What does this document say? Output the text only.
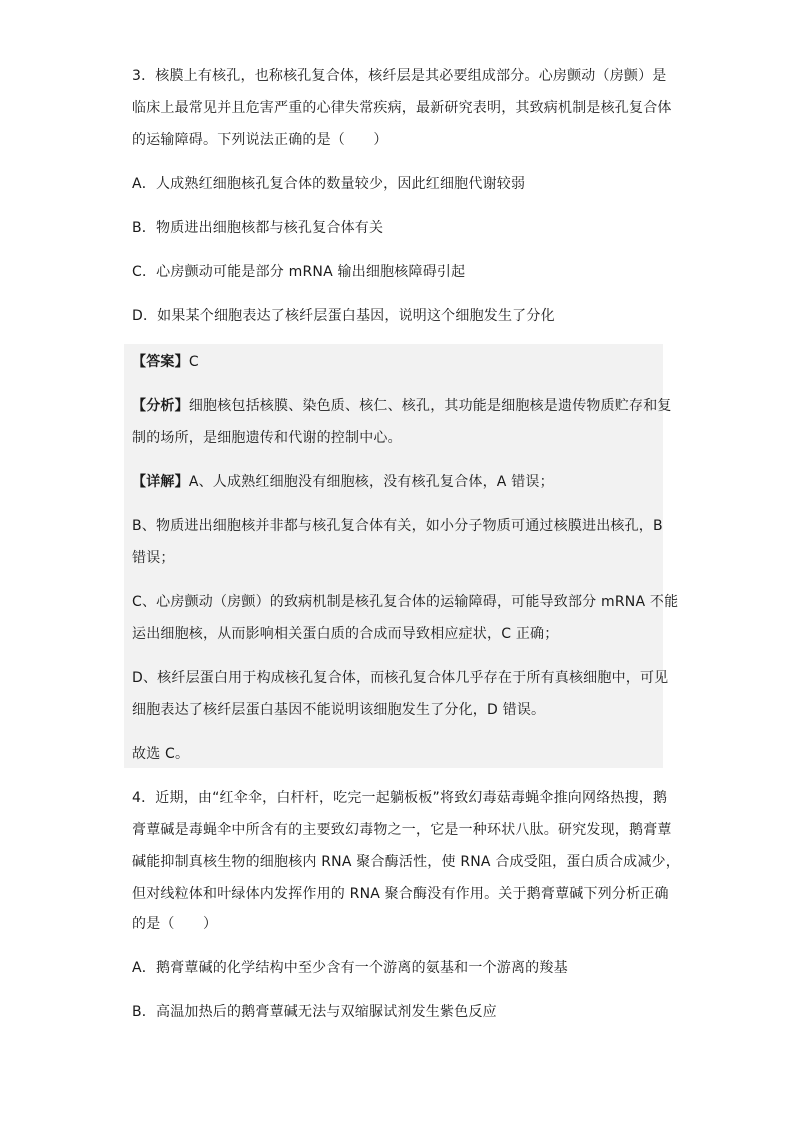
3．核膜上有核孔，也称核孔复合体，核纤层是其必要组成部分。心房颤动（房颤）是
临床上最常见并且危害严重的心律失常疾病，最新研究表明，其致病机制是核孔复合体
的运输障碍。下列说法正确的是（　　）
A．人成熟红细胞核孔复合体的数量较少，因此红细胞代谢较弱
B．物质进出细胞核都与核孔复合体有关
C．心房颤动可能是部分 mRNA 输出细胞核障碍引起
D．如果某个细胞表达了核纤层蛋白基因，说明这个细胞发生了分化
【答案】C
【分析】细胞核包括核膜、染色质、核仁、核孔，其功能是细胞核是遗传物质贮存和复
制的场所，是细胞遗传和代谢的控制中心。
【详解】A、人成熟红细胞没有细胞核，没有核孔复合体，A 错误；
B、物质进出细胞核并非都与核孔复合体有关，如小分子物质可通过核膜进出核孔，B
错误；
C、心房颤动（房颤）的致病机制是核孔复合体的运输障碍，可能导致部分 mRNA 不能
运出细胞核，从而影响相关蛋白质的合成而导致相应症状，C 正确；
D、核纤层蛋白用于构成核孔复合体，而核孔复合体几乎存在于所有真核细胞中，可见
细胞表达了核纤层蛋白基因不能说明该细胞发生了分化，D 错误。
故选 C。
4．近期，由“红伞伞，白杆杆，吃完一起躺板板”将致幻毒菇毒蝇伞推向网络热搜，鹅
膏蕈碱是毒蝇伞中所含有的主要致幻毒物之一，它是一种环状八肽。研究发现，鹅膏蕈
碱能抑制真核生物的细胞核内 RNA 聚合酶活性，使 RNA 合成受阻，蛋白质合成减少，
但对线粒体和叶绿体内发挥作用的 RNA 聚合酶没有作用。关于鹅膏蕈碱下列分析正确
的是（　　）
A．鹅膏蕈碱的化学结构中至少含有一个游离的氨基和一个游离的羧基
B．高温加热后的鹅膏蕈碱无法与双缩脲试剂发生紫色反应
